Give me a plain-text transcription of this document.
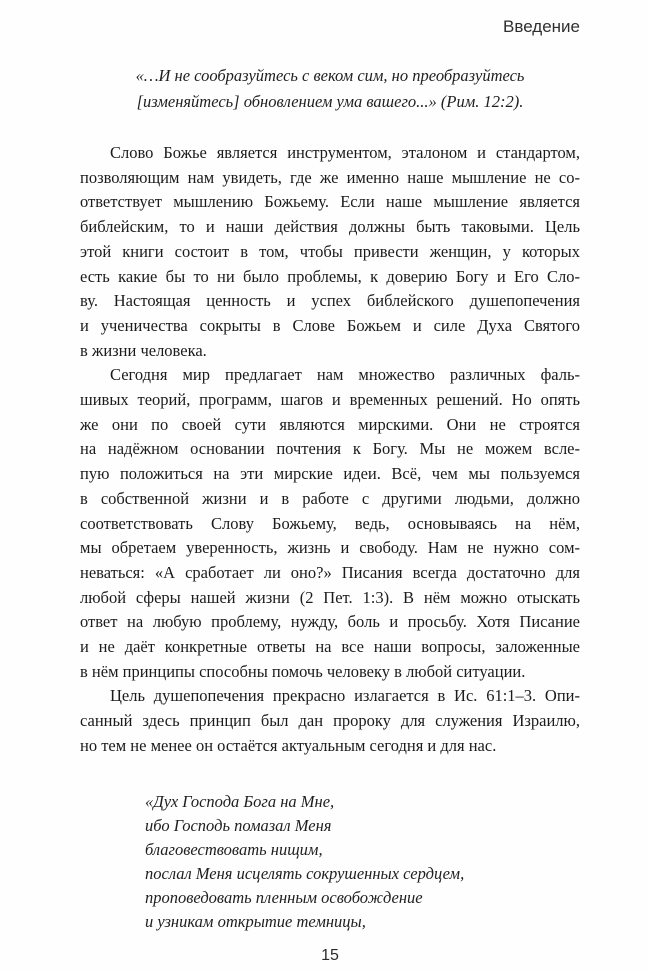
Введение
«…И не сообразуйтесь с веком сим, но преобразуйтесь
[изменяйтесь] обновлением ума вашего...» (Рим. 12:2).
Слово Божье является инструментом, эталоном и стандартом,
позволяющим нам увидеть, где же именно наше мышление не со-
ответствует мышлению Божьему. Если наше мышление является
библейским, то и наши действия должны быть таковыми. Цель
этой книги состоит в том, чтобы привести женщин, у которых
есть какие бы то ни было проблемы, к доверию Богу и Его Сло-
ву. Настоящая ценность и успех библейского душепопечения
и ученичества сокрыты в Слове Божьем и силе Духа Святого
в жизни человека.
Сегодня мир предлагает нам множество различных фаль-
шивых теорий, программ, шагов и временных решений. Но опять
же они по своей сути являются мирскими. Они не строятся
на надёжном основании почтения к Богу. Мы не можем всле-
пую положиться на эти мирские идеи. Всё, чем мы пользуемся
в собственной жизни и в работе с другими людьми, должно
соответствовать Слову Божьему, ведь, основываясь на нём,
мы обретаем уверенность, жизнь и свободу. Нам не нужно сом-
неваться: «А сработает ли оно?» Писания всегда достаточно для
любой сферы нашей жизни (2 Пет. 1:3). В нём можно отыскать
ответ на любую проблему, нужду, боль и просьбу. Хотя Писание
и не даёт конкретные ответы на все наши вопросы, заложенные
в нём принципы способны помочь человеку в любой ситуации.
Цель душепопечения прекрасно излагается в Ис. 61:1–3. Опи-
санный здесь принцип был дан пророку для служения Израилю,
но тем не менее он остаётся актуальным сегодня и для нас.
«Дух Господа Бога на Мне,
ибо Господь помазал Меня
благовествовать нищим,
послал Меня исцелять сокрушенных сердцем,
проповедовать пленным освобождение
и узникам открытие темницы,
15
